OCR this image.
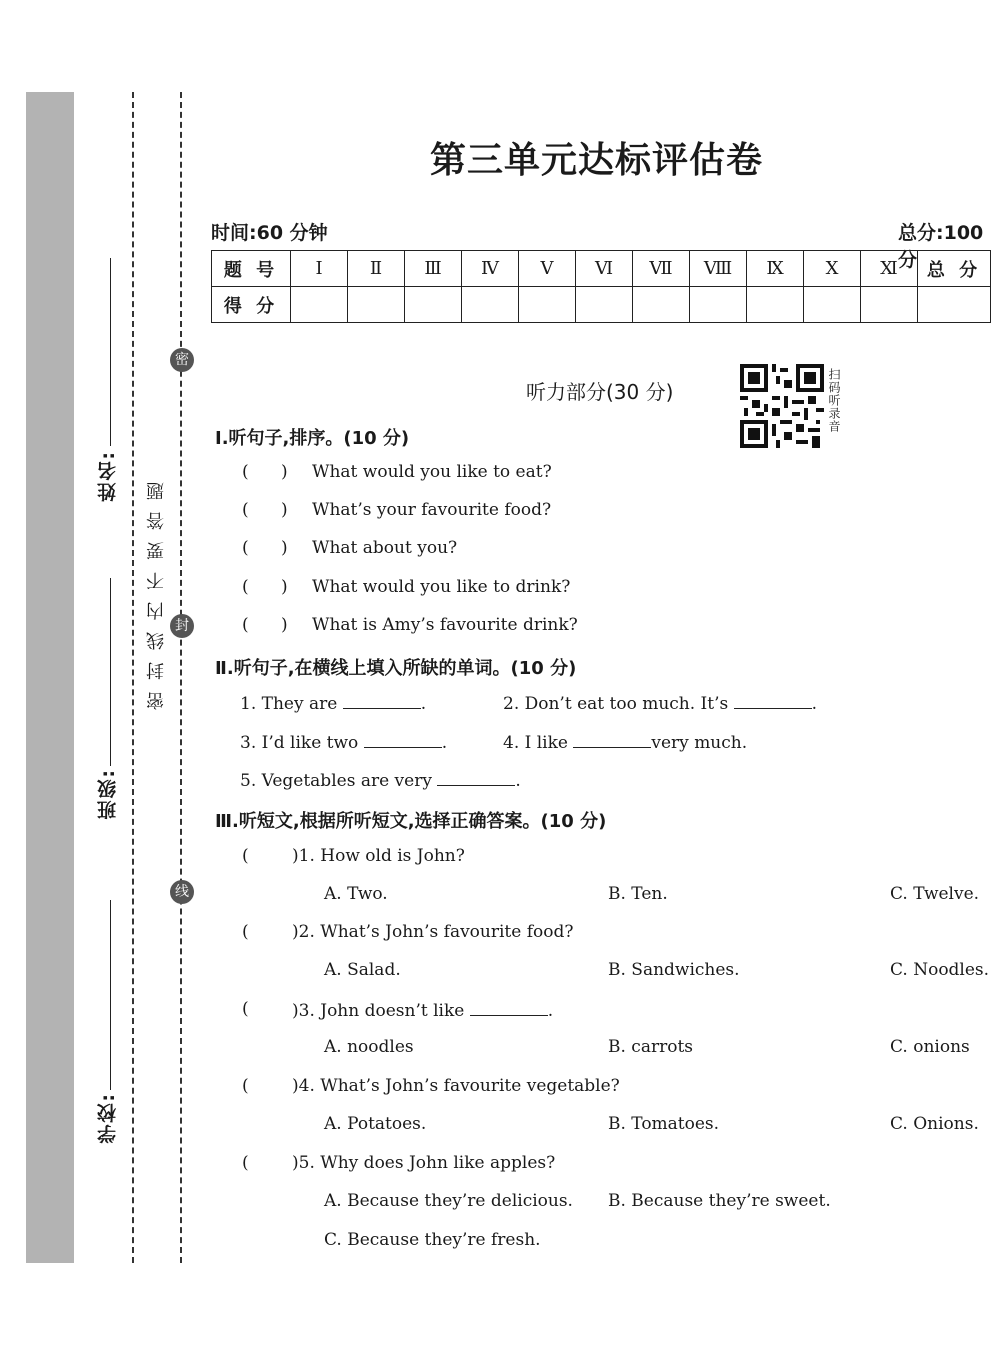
姓名:
班级:
学校:
密封线内不要答题
密
封
线
第三单元达标评估卷
时间:60 分钟	总分:100 分
题 号	Ⅰ	Ⅱ	Ⅲ	Ⅳ	Ⅴ	Ⅵ	Ⅶ	Ⅷ	Ⅸ	Ⅹ	Ⅺ	总 分
得 分												
听力部分(30 分)	扫码听录音
Ⅰ.听句子,排序。(10 分)
(      ) What would you like to eat?
(      ) What’s your favourite food?
(      ) What about you?
(      ) What would you like to drink?
(      ) What is Amy’s favourite drink?
Ⅱ.听句子,在横线上填入所缺的单词。(10 分)
1. They are	.	2. Don’t eat too much. It’s	.
3. I’d like two	.	4. I like	very much.
5. Vegetables are very	.
Ⅲ.听短文,根据所听短文,选择正确答案。(10 分)
( )1. How old is John?
A. Two.	B. Ten.	C. Twelve.
( )2. What’s John’s favourite food?
A. Salad.	B. Sandwiches.	C. Noodles.
( )3. John doesn’t like	.
A. noodles	B. carrots	C. onions
( )4. What’s John’s favourite vegetable?
A. Potatoes.	B. Tomatoes.	C. Onions.
( )5. Why does John like apples?
A. Because they’re delicious. B. Because they’re sweet.
C. Because they’re fresh.
